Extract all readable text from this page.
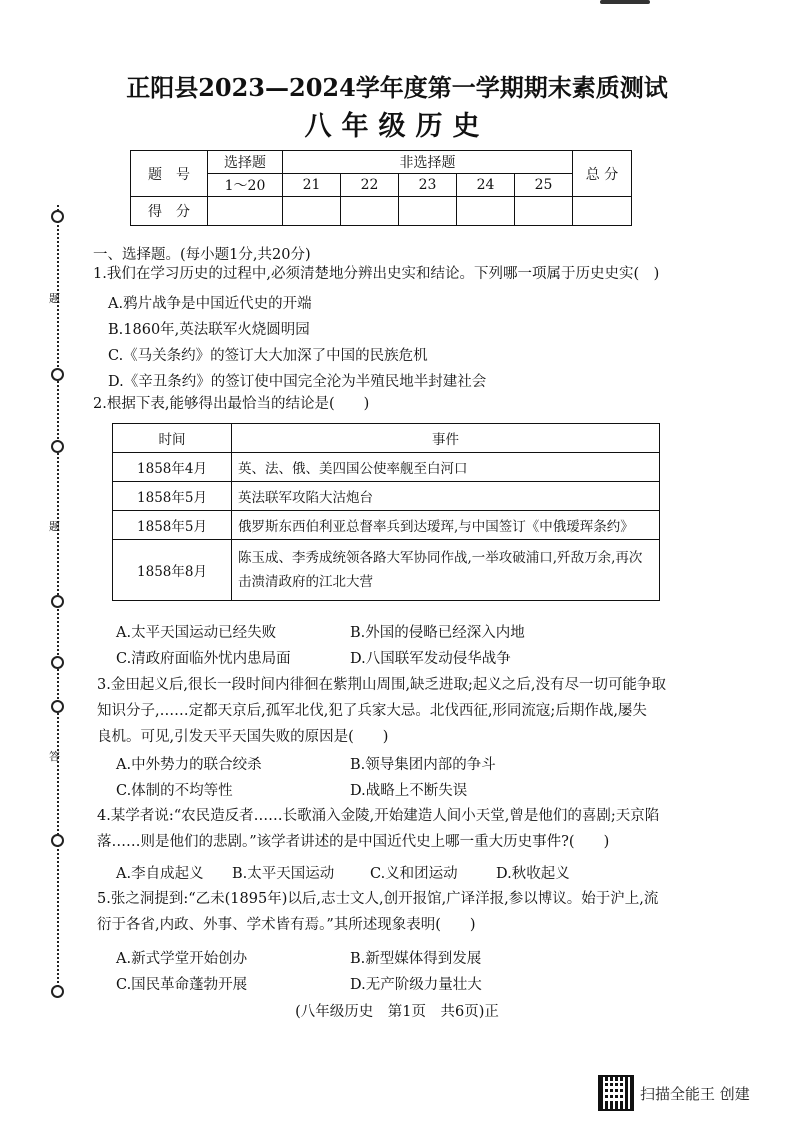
题
题
答
正阳县2023—2024学年度第一学期期末素质测试
八年级历史
题　号	选择题	非选择题					总 分
	1～20	21	22	23	24	25	
得　分							
一、选择题。(每小题1分,共20分)
1.我们在学习历史的过程中,必须清楚地分辨出史实和结论。下列哪一项属于历史史实(　)
A.鸦片战争是中国近代史的开端
B.1860年,英法联军火烧圆明园
C.《马关条约》的签订大大加深了中国的民族危机
D.《辛丑条约》的签订使中国完全沦为半殖民地半封建社会
2.根据下表,能够得出最恰当的结论是(　　)
时间	事件
1858年4月	英、法、俄、美四国公使率舰至白河口
1858年5月	英法联军攻陷大沽炮台
1858年5月	俄罗斯东西伯利亚总督率兵到达瑷珲,与中国签订《中俄瑷珲条约》
1858年8月	陈玉成、李秀成统领各路大军协同作战,一举攻破浦口,歼敌万余,再次击溃清政府的江北大营
A.太平天国运动已经失败	B.外国的侵略已经深入内地
C.清政府面临外忧内患局面	D.八国联军发动侵华战争
3.金田起义后,很长一段时间内徘徊在紫荆山周围,缺乏进取;起义之后,没有尽一切可能争取
知识分子,……定都天京后,孤军北伐,犯了兵家大忌。北伐西征,形同流寇;后期作战,屡失
良机。可见,引发天平天国失败的原因是(　　)
A.中外势力的联合绞杀	B.领导集团内部的争斗
C.体制的不均等性	D.战略上不断失误
4.某学者说:“农民造反者……长歌涌入金陵,开始建造人间小天堂,曾是他们的喜剧;天京陷
落……则是他们的悲剧。”该学者讲述的是中国近代史上哪一重大历史事件?(　　)
A.李自成起义 B.太平天国运动 C.义和团运动	D.秋收起义
5.张之洞提到:“乙未(1895年)以后,志士文人,创开报馆,广译洋报,参以博议。始于沪上,流
衍于各省,内政、外事、学术皆有焉。”其所述现象表明(　　)
A.新式学堂开始创办	B.新型媒体得到发展
C.国民革命蓬勃开展	D.无产阶级力量壮大
(八年级历史　第1页　共6页)正
扫描全能王 创建
